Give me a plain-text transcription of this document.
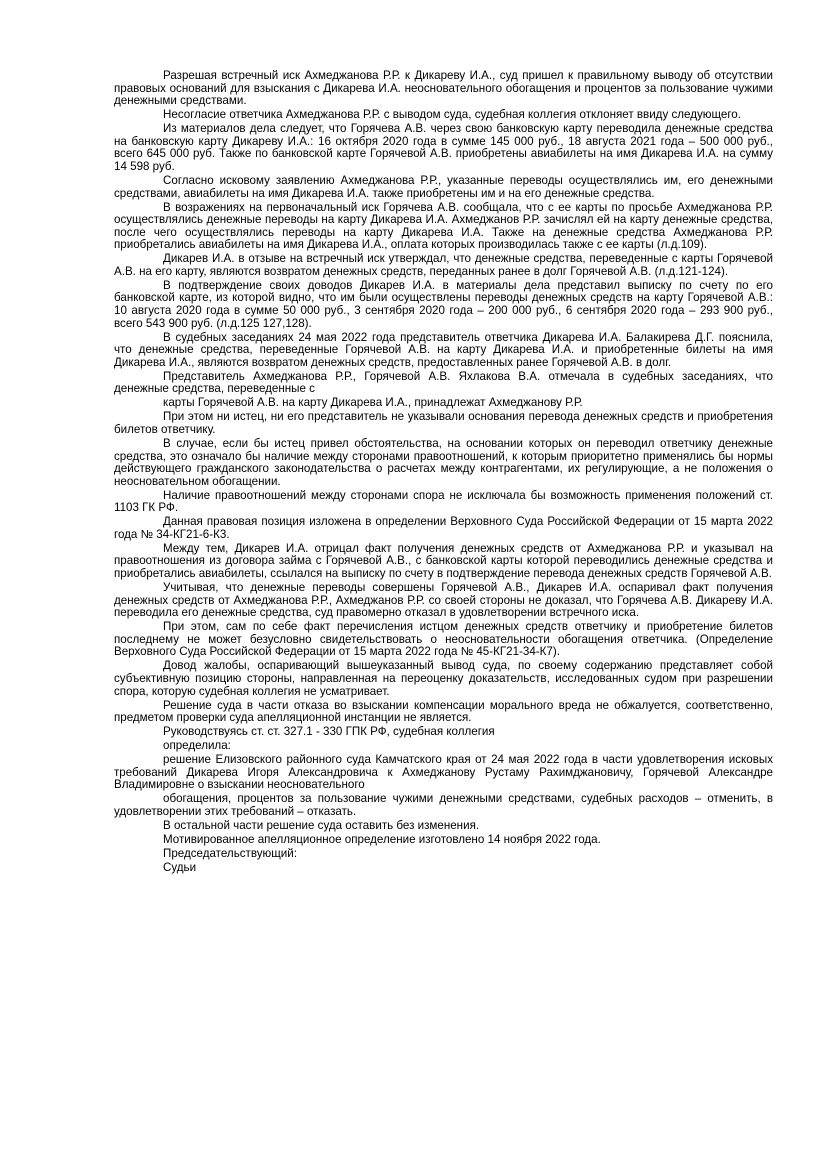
Разрешая встречный иск Ахмеджанова Р.Р. к Дикареву И.А., суд пришел к правильному выводу об отсутствии правовых оснований для взыскания с Дикарева И.А. неосновательного обогащения и процентов за пользование чужими денежными средствами.

Несогласие ответчика Ахмеджанова Р.Р. с выводом суда, судебная коллегия отклоняет ввиду следующего.

Из материалов дела следует, что Горячева А.В. через свою банковскую карту переводила денежные средства на банковскую карту Дикареву И.А.: 16 октября 2020 года в сумме 145 000 руб., 18 августа 2021 года – 500 000 руб., всего 645 000 руб. Также по банковской карте Горячевой А.В. приобретены авиабилеты на имя Дикарева И.А. на сумму 14 598 руб.

Согласно исковому заявлению Ахмеджанова Р.Р., указанные переводы осуществлялись им, его денежными средствами, авиабилеты на имя Дикарева И.А. также приобретены им и на его денежные средства.

В возражениях на первоначальный иск Горячева А.В. сообщала, что с ее карты по просьбе Ахмеджанова Р.Р. осуществлялись денежные переводы на карту Дикарева И.А. Ахмеджанов Р.Р. зачислял ей на карту денежные средства, после чего осуществлялись переводы на карту Дикарева И.А. Также на денежные средства Ахмеджанова Р.Р. приобретались авиабилеты на имя Дикарева И.А., оплата которых производилась также с ее карты (л.д.109).

Дикарев И.А. в отзыве на встречный иск утверждал, что денежные средства, переведенные с карты Горячевой А.В. на его карту, являются возвратом денежных средств, переданных ранее в долг Горячевой А.В. (л.д.121-124).

В подтверждение своих доводов Дикарев И.А. в материалы дела представил выписку по счету по его банковской карте, из которой видно, что им были осуществлены переводы денежных средств на карту Горячевой А.В.: 10 августа 2020 года в сумме 50 000 руб., 3 сентября 2020 года – 200 000 руб., 6 сентября 2020 года – 293 900 руб., всего 543 900 руб. (л.д.125 127,128).

В судебных заседаниях 24 мая 2022 года представитель ответчика Дикарева И.А. Балакирева Д.Г. пояснила, что денежные средства, переведенные Горячевой А.В. на карту Дикарева И.А. и приобретенные билеты на имя Дикарева И.А., являются возвратом денежных средств, предоставленных ранее Горячевой А.В. в долг.

Представитель Ахмеджанова Р.Р., Горячевой А.В. Яхлакова В.А. отмечала в судебных заседаниях, что денежные средства, переведенные с

карты Горячевой А.В. на карту Дикарева И.А., принадлежат Ахмеджанову Р.Р.

При этом ни истец, ни его представитель не указывали основания перевода денежных средств и приобретения билетов ответчику.

В случае, если бы истец привел обстоятельства, на основании которых он переводил ответчику денежные средства, это означало бы наличие между сторонами правоотношений, к которым приоритетно применялись бы нормы действующего гражданского законодательства о расчетах между контрагентами, их регулирующие, а не положения о неосновательном обогащении.

Наличие правоотношений между сторонами спора не исключала бы возможность применения положений ст. 1103 ГК РФ.

Данная правовая позиция изложена в определении Верховного Суда Российской Федерации от 15 марта 2022 года № 34-КГ21-6-К3.

Между тем, Дикарев И.А. отрицал факт получения денежных средств от Ахмеджанова Р.Р. и указывал на правоотношения из договора займа с Горячевой А.В., с банковской карты которой переводились денежные средства и приобретались авиабилеты, ссылался на выписку по счету в подтверждение перевода денежных средств Горячевой А.В.

Учитывая, что денежные переводы совершены Горячевой А.В., Дикарев И.А. оспаривал факт получения денежных средств от Ахмеджанова Р.Р., Ахмеджанов Р.Р. со своей стороны не доказал, что Горячева А.В. Дикареву И.А. переводила его денежные средства, суд правомерно отказал в удовлетворении встречного иска.

При этом, сам по себе факт перечисления истцом денежных средств ответчику и приобретение билетов последнему не может безусловно свидетельствовать о неосновательности обогащения ответчика. (Определение Верховного Суда Российской Федерации от 15 марта 2022 года № 45-КГ21-34-К7).

Довод жалобы, оспаривающий вышеуказанный вывод суда, по своему содержанию представляет собой субъективную позицию стороны, направленная на переоценку доказательств, исследованных судом при разрешении спора, которую судебная коллегия не усматривает.

Решение суда в части отказа во взыскании компенсации морального вреда не обжалуется, соответственно, предметом проверки суда апелляционной инстанции не является.

Руководствуясь ст. ст. 327.1 - 330 ГПК РФ, судебная коллегия

определила:

решение Елизовского районного суда Камчатского края от 24 мая 2022 года в части удовлетворения исковых требований Дикарева Игоря Александровича к Ахмеджанову Рустаму Рахимджановичу, Горячевой Александре Владимировне о взыскании неосновательного

обогащения, процентов за пользование чужими денежными средствами, судебных расходов – отменить, в удовлетворении этих требований – отказать.

В остальной части решение суда оставить без изменения.

Мотивированное апелляционное определение изготовлено 14 ноября 2022 года.

Председательствующий:

Судьи
